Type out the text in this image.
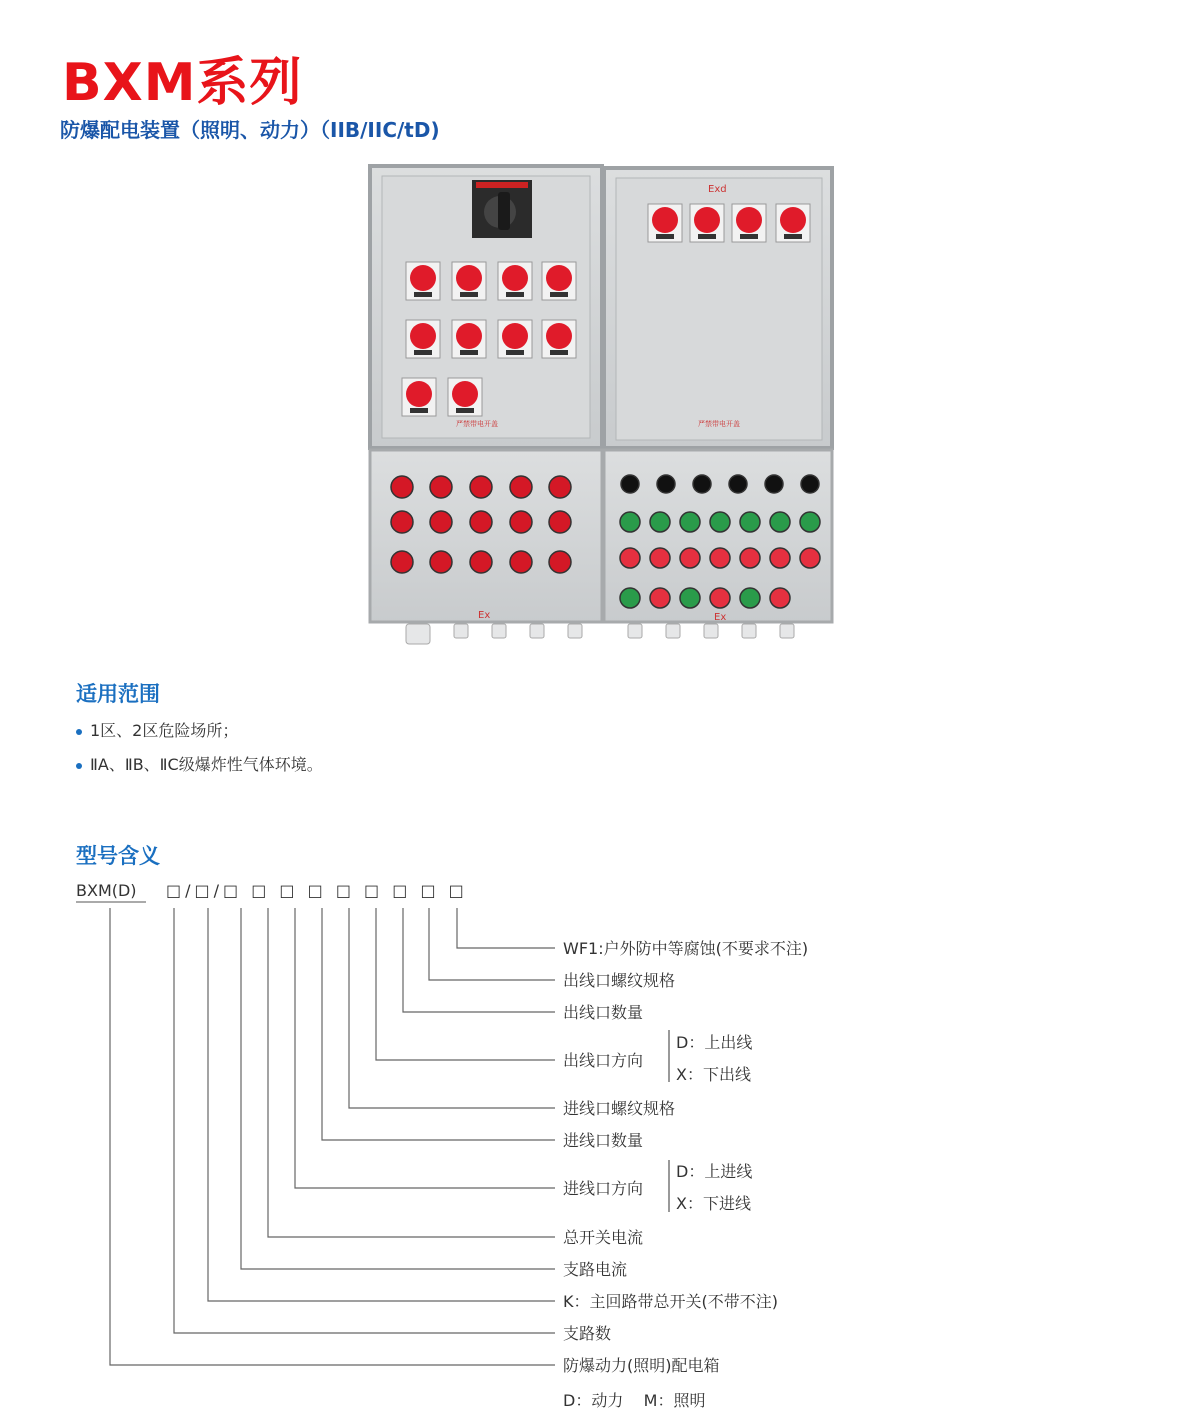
BXM系列
防爆配电装置（照明、动力）（IIB/IIC/tD)
严禁带电开盖
Exd
严禁带电开盖
Ex	Ex
适用范围
1区、2区危险场所；
ⅡA、ⅡB、ⅡC级爆炸性气体环境。
型号含义
BXM(D) □/□/□ □ □ □ □ □ □ □ □
WF1:户外防中等腐蚀(不要求不注)
出线口螺纹规格
出线口数量
出线口方向
进线口螺纹规格
进线口数量
进线口方向
总开关电流
支路电流
K：主回路带总开关(不带不注)
支路数
防爆动力(照明)配电箱
D：上出线
X：下出线
D：上进线
X：下进线
D：动力    M：照明
